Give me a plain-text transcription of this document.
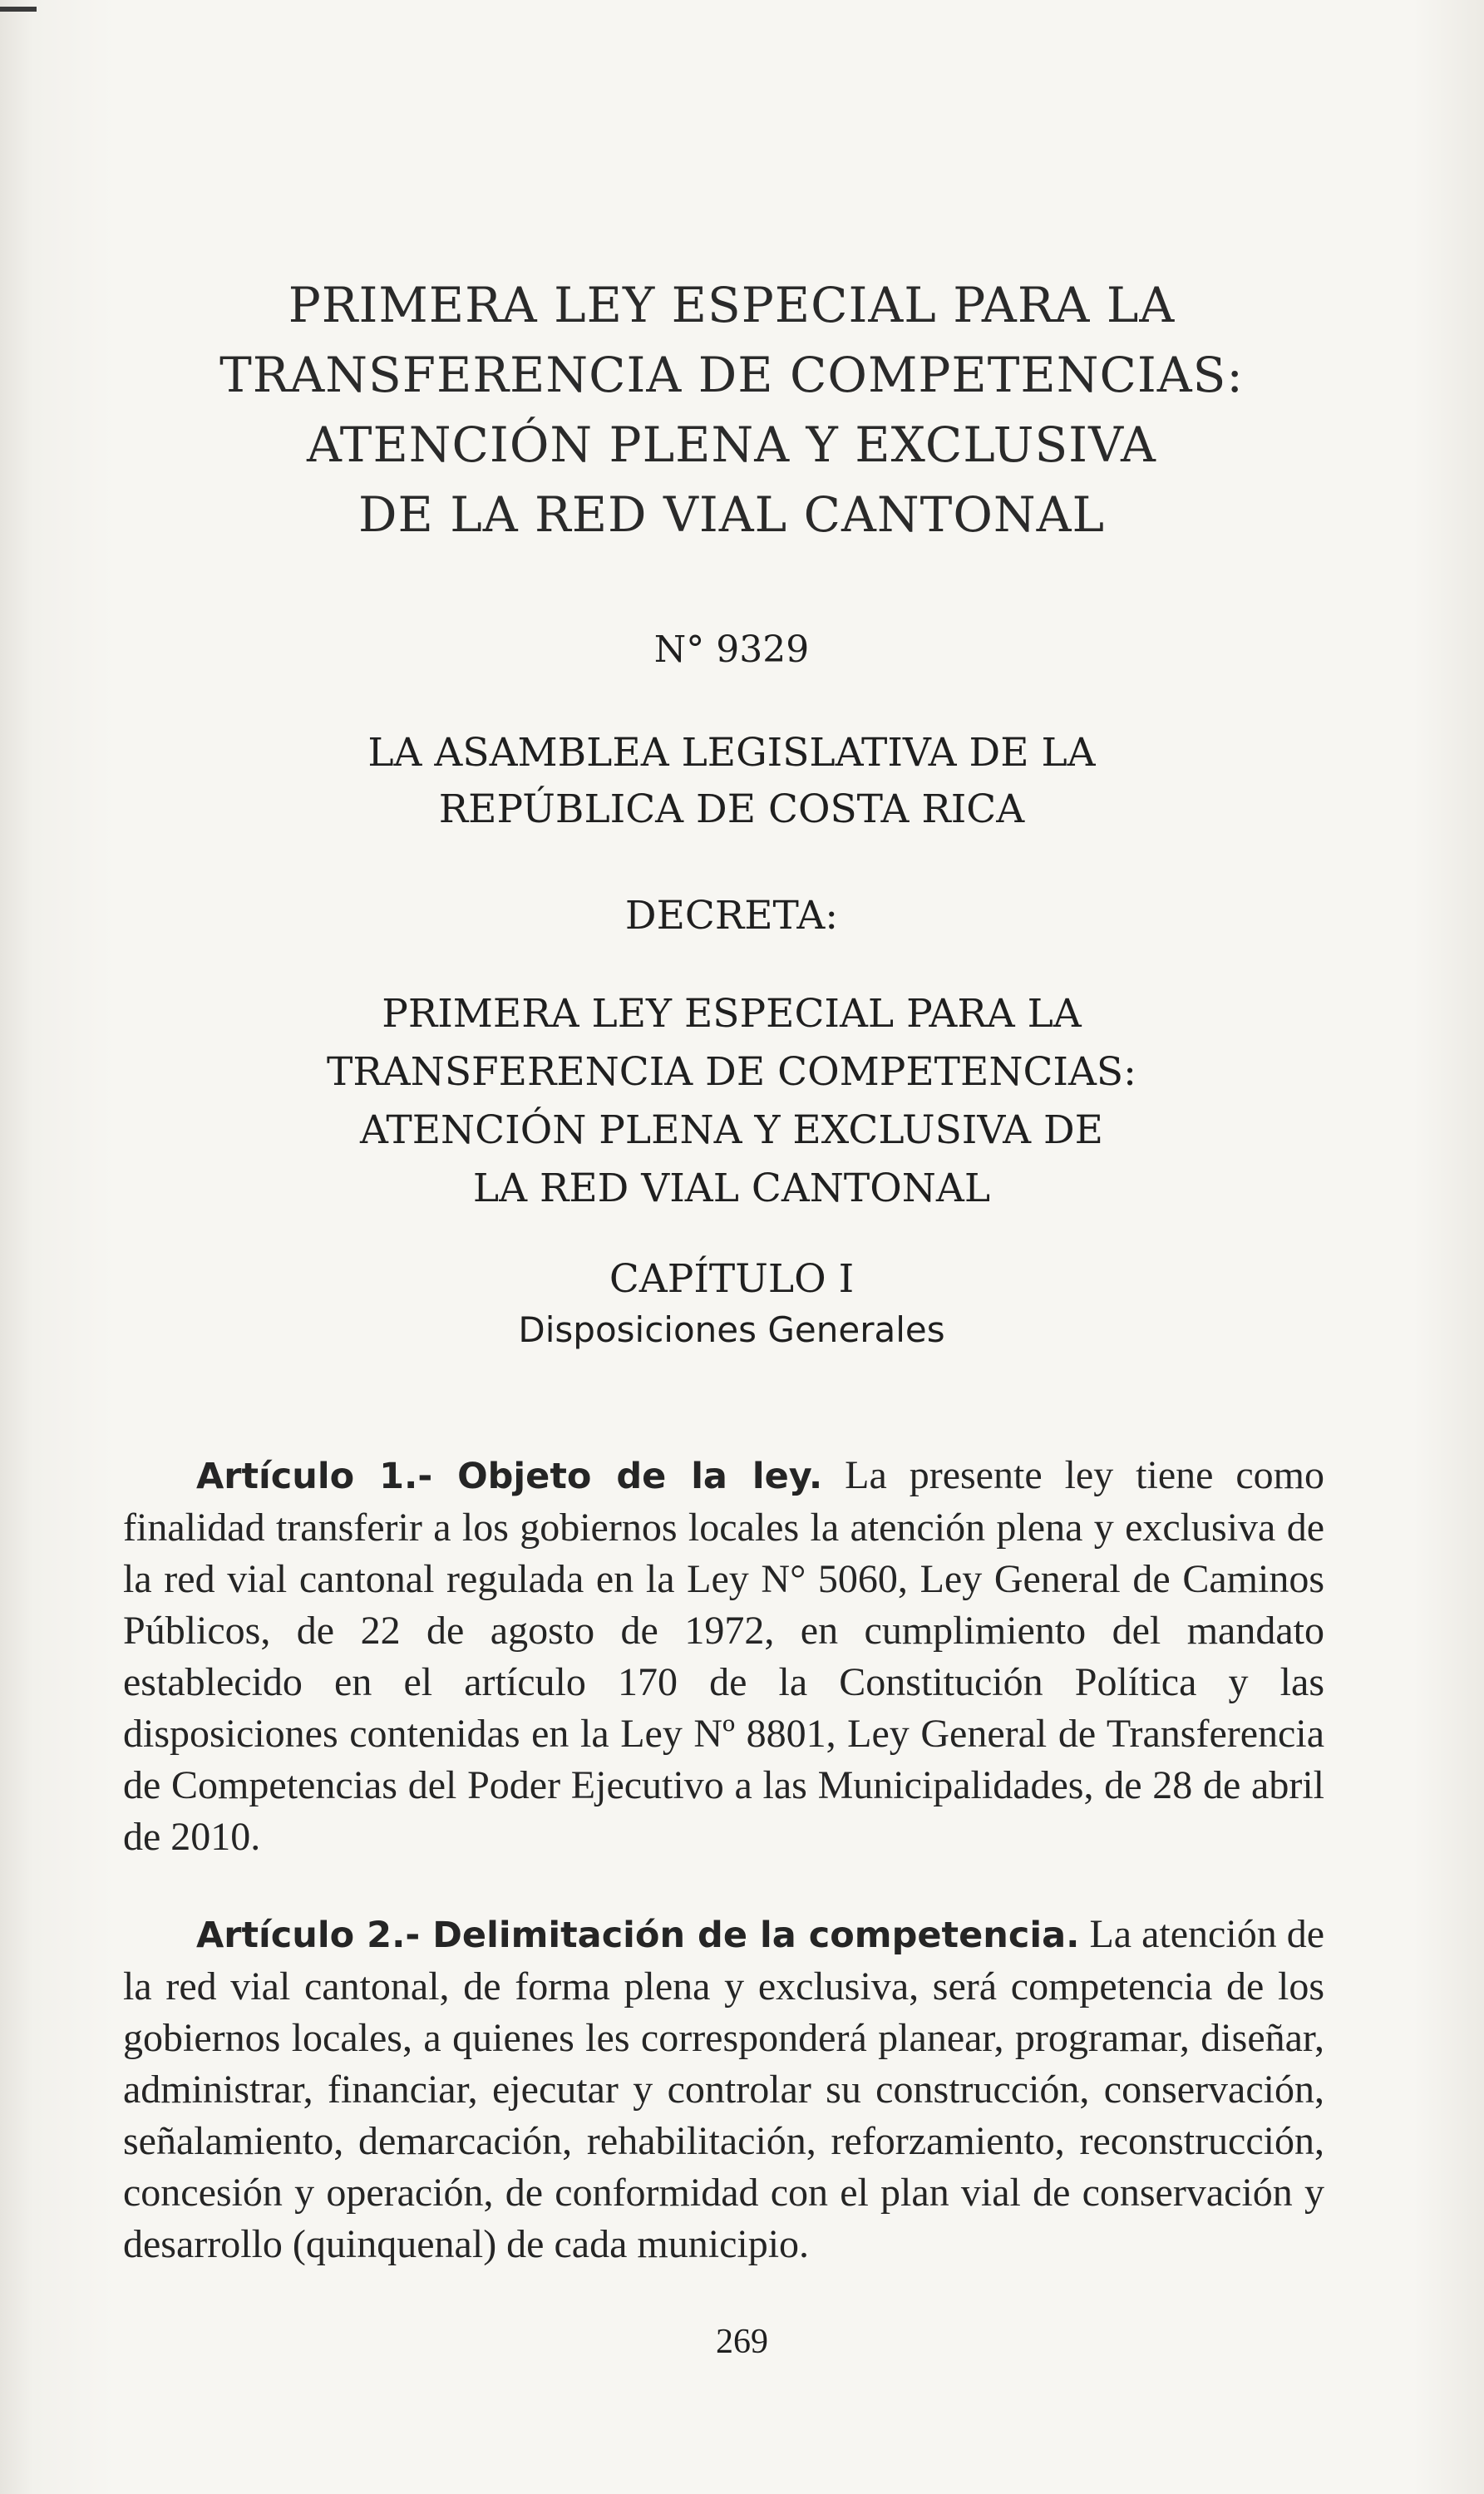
PRIMERA LEY ESPECIAL PARA LA
TRANSFERENCIA DE COMPETENCIAS:
ATENCIÓN PLENA Y EXCLUSIVA
DE LA RED VIAL CANTONAL
N° 9329
LA ASAMBLEA LEGISLATIVA DE LA
REPÚBLICA DE COSTA RICA
DECRETA:
PRIMERA LEY ESPECIAL PARA LA
TRANSFERENCIA DE COMPETENCIAS:
ATENCIÓN PLENA Y EXCLUSIVA DE
LA RED VIAL CANTONAL
CAPÍTULO I
Disposiciones Generales

Artículo 1.- Objeto de la ley. La presente ley tiene como finalidad transferir a los gobiernos locales la atención plena y exclusiva de la red vial cantonal regulada en la Ley N° 5060, Ley General de Caminos Públicos, de 22 de agosto de 1972, en cumplimiento del mandato establecido en el artículo 170 de la Constitución Política y las disposiciones contenidas en la Ley Nº 8801, Ley General de Transferencia de Competencias del Poder Ejecutivo a las Municipalidades, de 28 de abril de 2010.

Artículo 2.- Delimitación de la competencia. La atención de la red vial cantonal, de forma plena y exclusiva, será competencia de los gobiernos locales, a quienes les corresponderá planear, programar, diseñar, administrar, financiar, ejecutar y controlar su construcción, conservación, señalamiento, demarcación, rehabilitación, reforzamiento, reconstrucción, concesión y operación, de conformidad con el plan vial de conservación y desarrollo (quinquenal) de cada municipio.

269
